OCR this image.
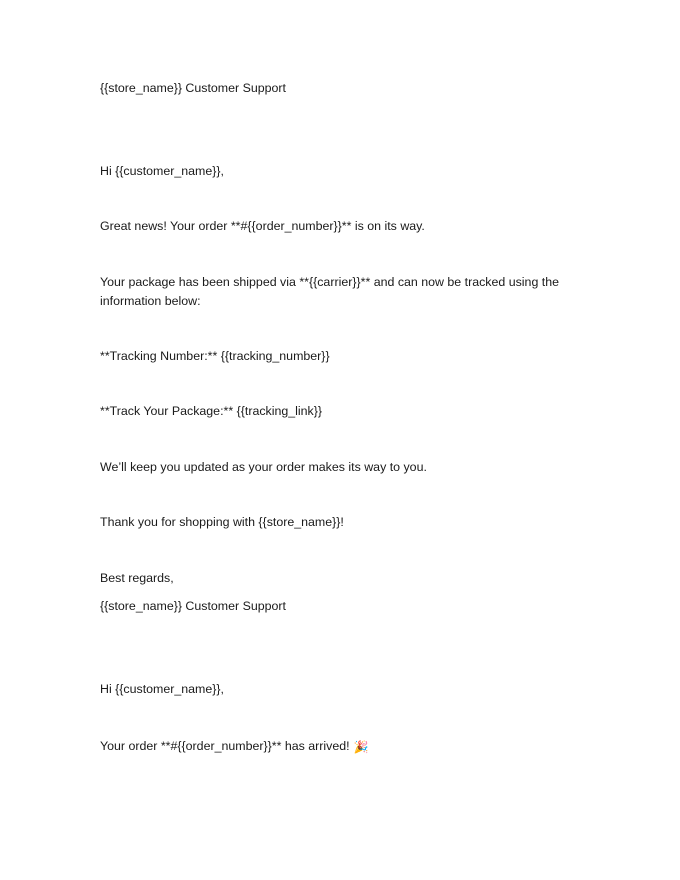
{{store_name}} Customer Support
Hi {{customer_name}},
Great news! Your order **#{{order_number}}** is on its way.
Your package has been shipped via **{{carrier}}** and can now be tracked using the information below:
**Tracking Number:** {{tracking_number}}
**Track Your Package:** {{tracking_link}}
We’ll keep you updated as your order makes its way to you.
Thank you for shopping with {{store_name}}!
Best regards,
{{store_name}} Customer Support
Hi {{customer_name}},
Your order **#{{order_number}}** has arrived! 🎉
